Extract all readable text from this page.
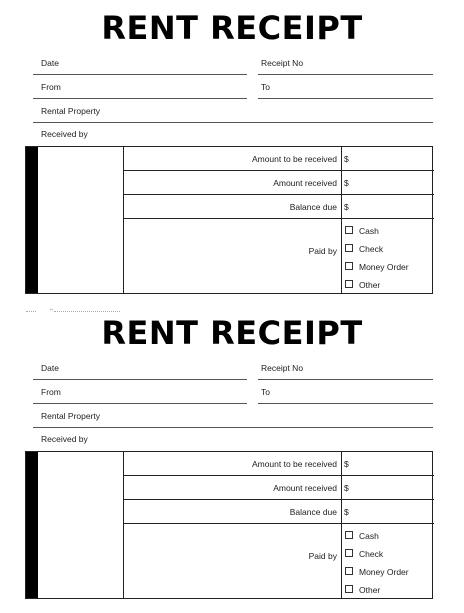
RENT RECEIPT
Date	Receipt No
From	To
Rental Property
Received by
Amount to be received $
Amount received $
Balance due $
Paid by
Cash
Check
Money Order
Other
✂
RENT RECEIPT
Date	Receipt No
From	To
Rental Property
Received by
Amount to be received $
Amount received $
Balance due $
Paid by
Cash
Check
Money Order
Other
